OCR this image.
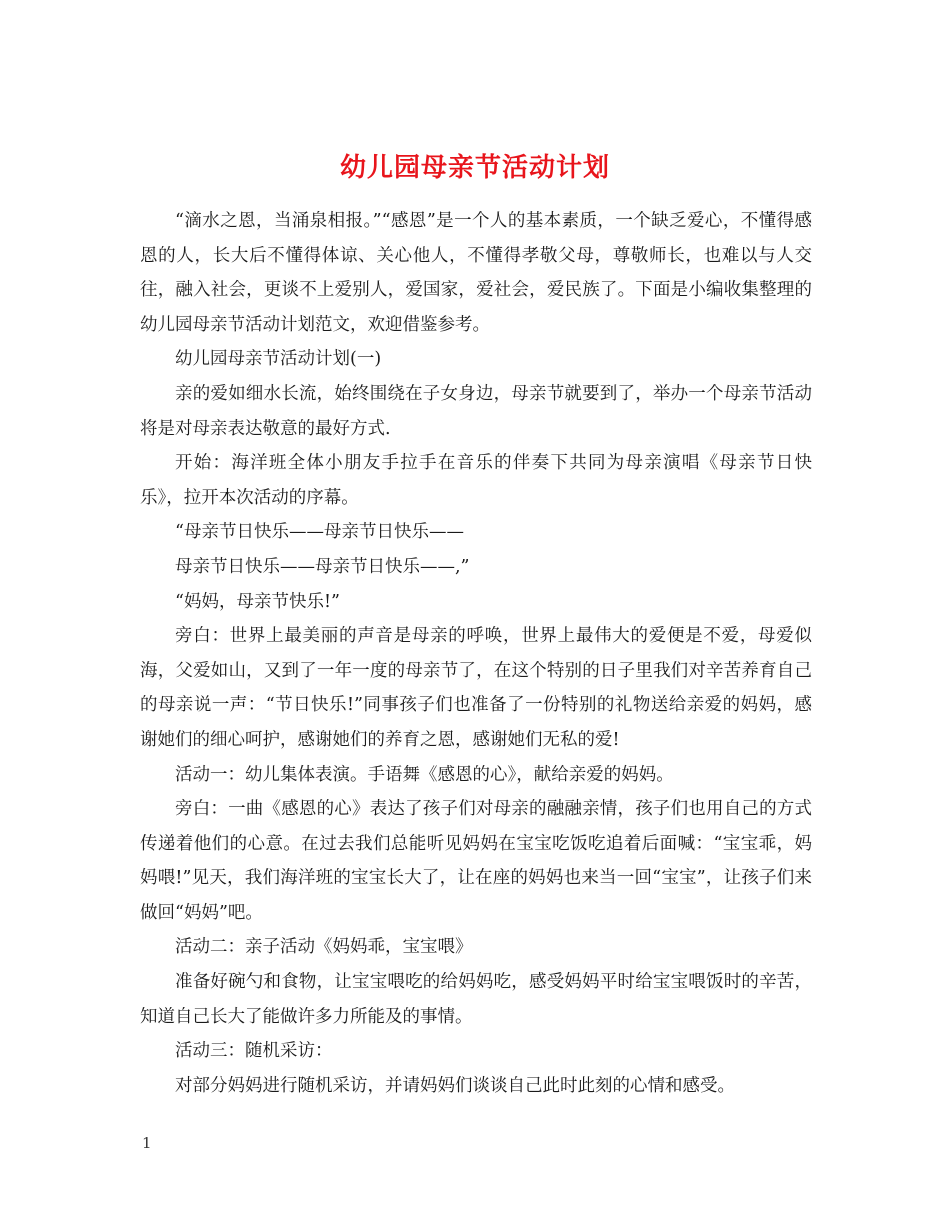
幼儿园母亲节活动计划

“滴水之恩，当涌泉相报。”“感恩”是一个人的基本素质，一个缺乏爱心，不懂得感恩的人，长大后不懂得体谅、关心他人，不懂得孝敬父母，尊敬师长，也难以与人交往，融入社会，更谈不上爱别人，爱国家，爱社会，爱民族了。下面是小编收集整理的幼儿园母亲节活动计划范文，欢迎借鉴参考。

幼儿园母亲节活动计划(一)

亲的爱如细水长流，始终围绕在子女身边，母亲节就要到了，举办一个母亲节活动将是对母亲表达敬意的最好方式.

开始：海洋班全体小朋友手拉手在音乐的伴奏下共同为母亲演唱《母亲节日快乐》，拉开本次活动的序幕。

“母亲节日快乐——母亲节日快乐——

母亲节日快乐——母亲节日快乐——,”

“妈妈，母亲节快乐!”

旁白：世界上最美丽的声音是母亲的呼唤，世界上最伟大的爱便是不爱，母爱似海，父爱如山，又到了一年一度的母亲节了，在这个特别的日子里我们对辛苦养育自己的母亲说一声：“节日快乐!”同事孩子们也准备了一份特别的礼物送给亲爱的妈妈，感谢她们的细心呵护，感谢她们的养育之恩，感谢她们无私的爱!

活动一：幼儿集体表演。手语舞《感恩的心》，献给亲爱的妈妈。

旁白：一曲《感恩的心》表达了孩子们对母亲的融融亲情，孩子们也用自己的方式传递着他们的心意。在过去我们总能听见妈妈在宝宝吃饭吃追着后面喊：“宝宝乖，妈妈喂!”见天，我们海洋班的宝宝长大了，让在座的妈妈也来当一回“宝宝”，让孩子们来做回“妈妈”吧。

活动二：亲子活动《妈妈乖，宝宝喂》

准备好碗勺和食物，让宝宝喂吃的给妈妈吃，感受妈妈平时给宝宝喂饭时的辛苦，知道自己长大了能做许多力所能及的事情。

活动三：随机采访：

对部分妈妈进行随机采访，并请妈妈们谈谈自己此时此刻的心情和感受。

1
